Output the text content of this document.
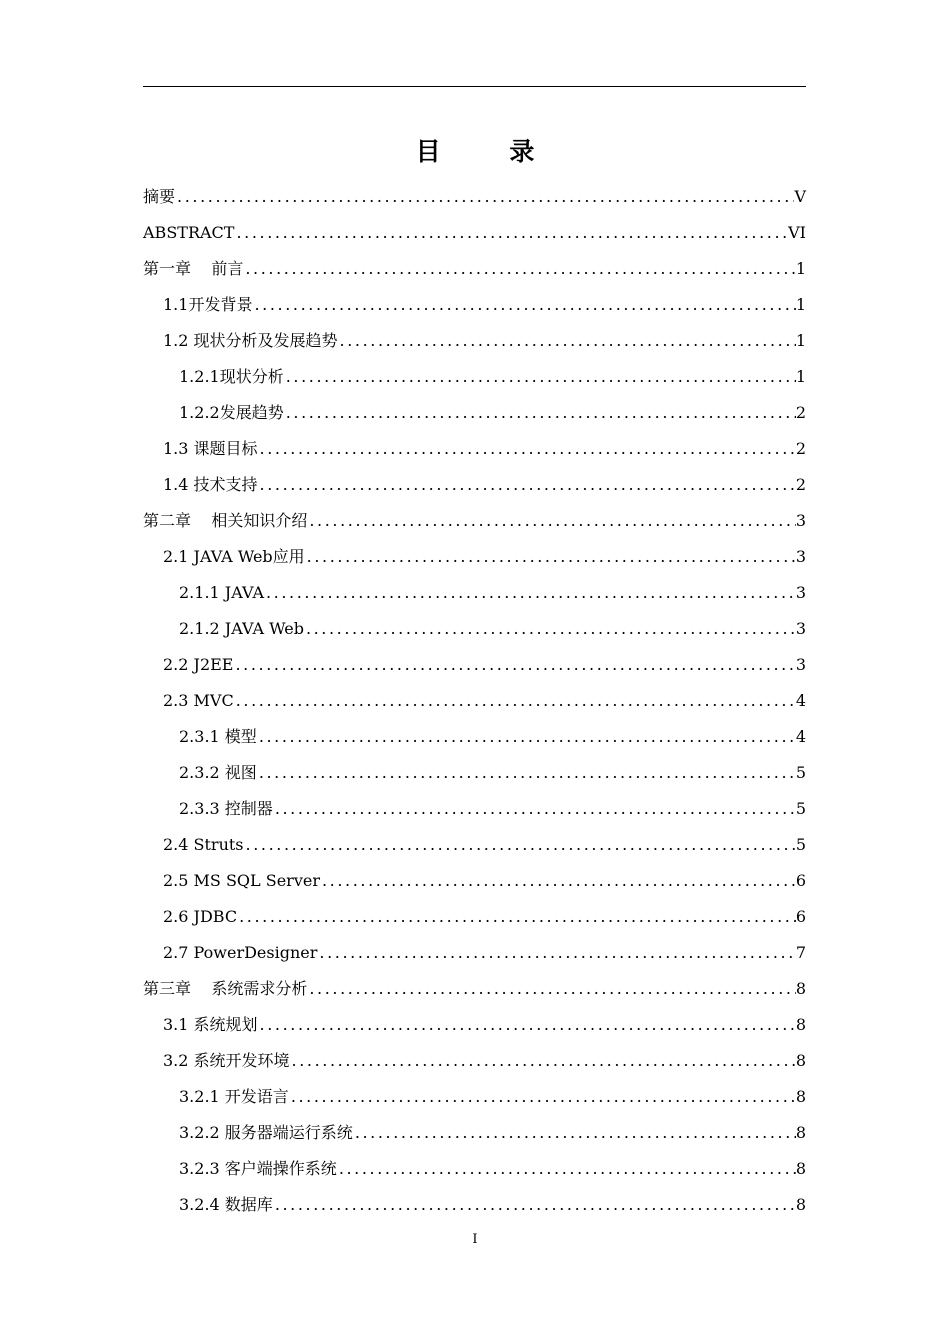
目 录
摘要 .....	V
ABSTRACT .....	VI
第一章    前言 .....	1
1.1开发背景 .....	1
1.2 现状分析及发展趋势 .....	1
1.2.1现状分析 .....	1
1.2.2发展趋势 .....	2
1.3 课题目标 .....	2
1.4 技术支持 .....	2
第二章    相关知识介绍 .....	3
2.1 JAVA Web应用 .....	3
2.1.1 JAVA .....	3
2.1.2 JAVA Web .....	3
2.2 J2EE .....	3
2.3 MVC .....	4
2.3.1 模型 .....	4
2.3.2 视图 .....	5
2.3.3 控制器 .....	5
2.4 Struts .....	5
2.5 MS SQL Server .....	6
2.6 JDBC .....	6
2.7 PowerDesigner .....	7
第三章    系统需求分析 .....	8
3.1 系统规划 .....	8
3.2 系统开发环境 .....	8
3.2.1 开发语言 .....	8
3.2.2 服务器端运行系统 .....	8
3.2.3 客户端操作系统 .....	8
3.2.4 数据库 .....	8
I
